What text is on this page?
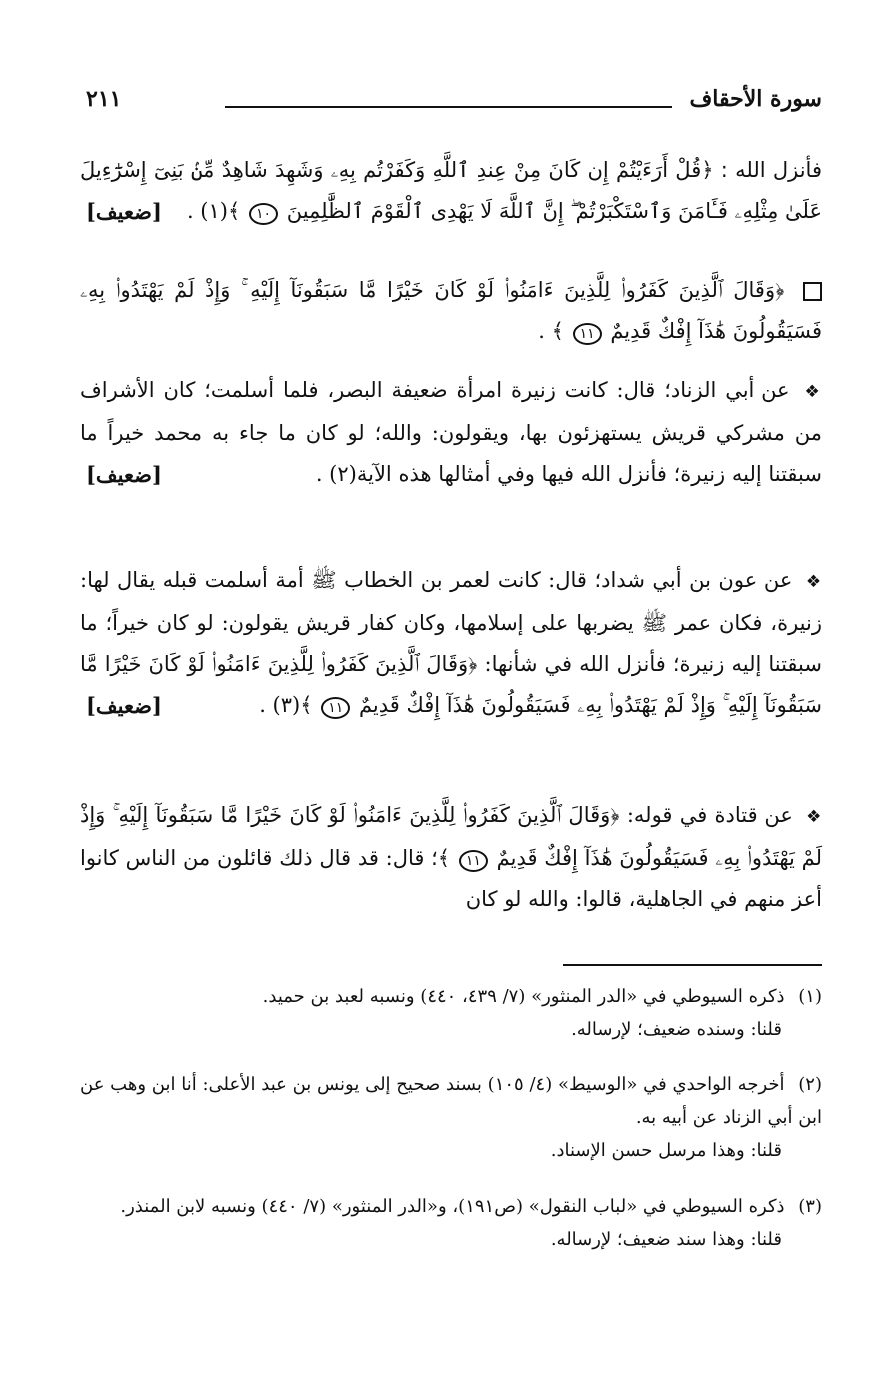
سورة الأحقاف
٢١١
فأنزل الله : ﴿قُلْ أَرَءَيْتُمْ إِن كَانَ مِنْ عِندِ ٱللَّهِ وَكَفَرْتُم بِهِۦ وَشَهِدَ شَاهِدٌ مِّنۢ بَنِىٓ إِسْرَٰٓءِيلَ عَلَىٰ مِثْلِهِۦ فَـَٔامَنَ وَٱسْتَكْبَرْتُمْ ۖ إِنَّ ٱللَّهَ لَا يَهْدِى ٱلْقَوْمَ ٱلظَّٰلِمِينَ ١٠ ﴾(١) .
[ضعيف]
﴿وَقَالَ ٱلَّذِينَ كَفَرُوا۟ لِلَّذِينَ ءَامَنُوا۟ لَوْ كَانَ خَيْرًا مَّا سَبَقُونَآ إِلَيْهِ ۚ وَإِذْ لَمْ يَهْتَدُوا۟ بِهِۦ فَسَيَقُولُونَ هَٰذَآ إِفْكٌ قَدِيمٌ ١١ ﴾ .
❖ عن أبي الزناد؛ قال: كانت زنيرة امرأة ضعيفة البصر، فلما أسلمت؛ كان الأشراف من مشركي قريش يستهزئون بها، ويقولون: والله؛ لو كان ما جاء به محمد خيراً ما سبقتنا إليه زنيرة؛ فأنزل الله فيها وفي أمثالها هذه الآية(٢) .
[ضعيف]
❖ عن عون بن أبي شداد؛ قال: كانت لعمر بن الخطاب ﷺ أمة أسلمت قبله يقال لها: زنيرة، فكان عمر ﷺ يضربها على إسلامها، وكان كفار قريش يقولون: لو كان خيراً؛ ما سبقتنا إليه زنيرة؛ فأنزل الله في شأنها: ﴿وَقَالَ ٱلَّذِينَ كَفَرُوا۟ لِلَّذِينَ ءَامَنُوا۟ لَوْ كَانَ خَيْرًا مَّا سَبَقُونَآ إِلَيْهِ ۚ وَإِذْ لَمْ يَهْتَدُوا۟ بِهِۦ فَسَيَقُولُونَ هَٰذَآ إِفْكٌ قَدِيمٌ ١١ ﴾(٣) .
[ضعيف]
❖ عن قتادة في قوله: ﴿وَقَالَ ٱلَّذِينَ كَفَرُوا۟ لِلَّذِينَ ءَامَنُوا۟ لَوْ كَانَ خَيْرًا مَّا سَبَقُونَآ إِلَيْهِ ۚ وَإِذْ لَمْ يَهْتَدُوا۟ بِهِۦ فَسَيَقُولُونَ هَٰذَآ إِفْكٌ قَدِيمٌ ١١ ﴾؛ قال: قد قال ذلك قائلون من الناس كانوا أعز منهم في الجاهلية، قالوا: والله لو كان
(١) ذكره السيوطي في «الدر المنثور» (٧/ ٤٣٩، ٤٤٠) ونسبه لعبد بن حميد.
قلنا: وسنده ضعيف؛ لإرساله.
(٢) أخرجه الواحدي في «الوسيط» (٤/ ١٠٥) بسند صحيح إلى يونس بن عبد الأعلى: أنا ابن وهب عن ابن أبي الزناد عن أبيه به.
قلنا: وهذا مرسل حسن الإسناد.
(٣) ذكره السيوطي في «لباب النقول» (ص١٩١)، و«الدر المنثور» (٧/ ٤٤٠) ونسبه لابن المنذر.
قلنا: وهذا سند ضعيف؛ لإرساله.
